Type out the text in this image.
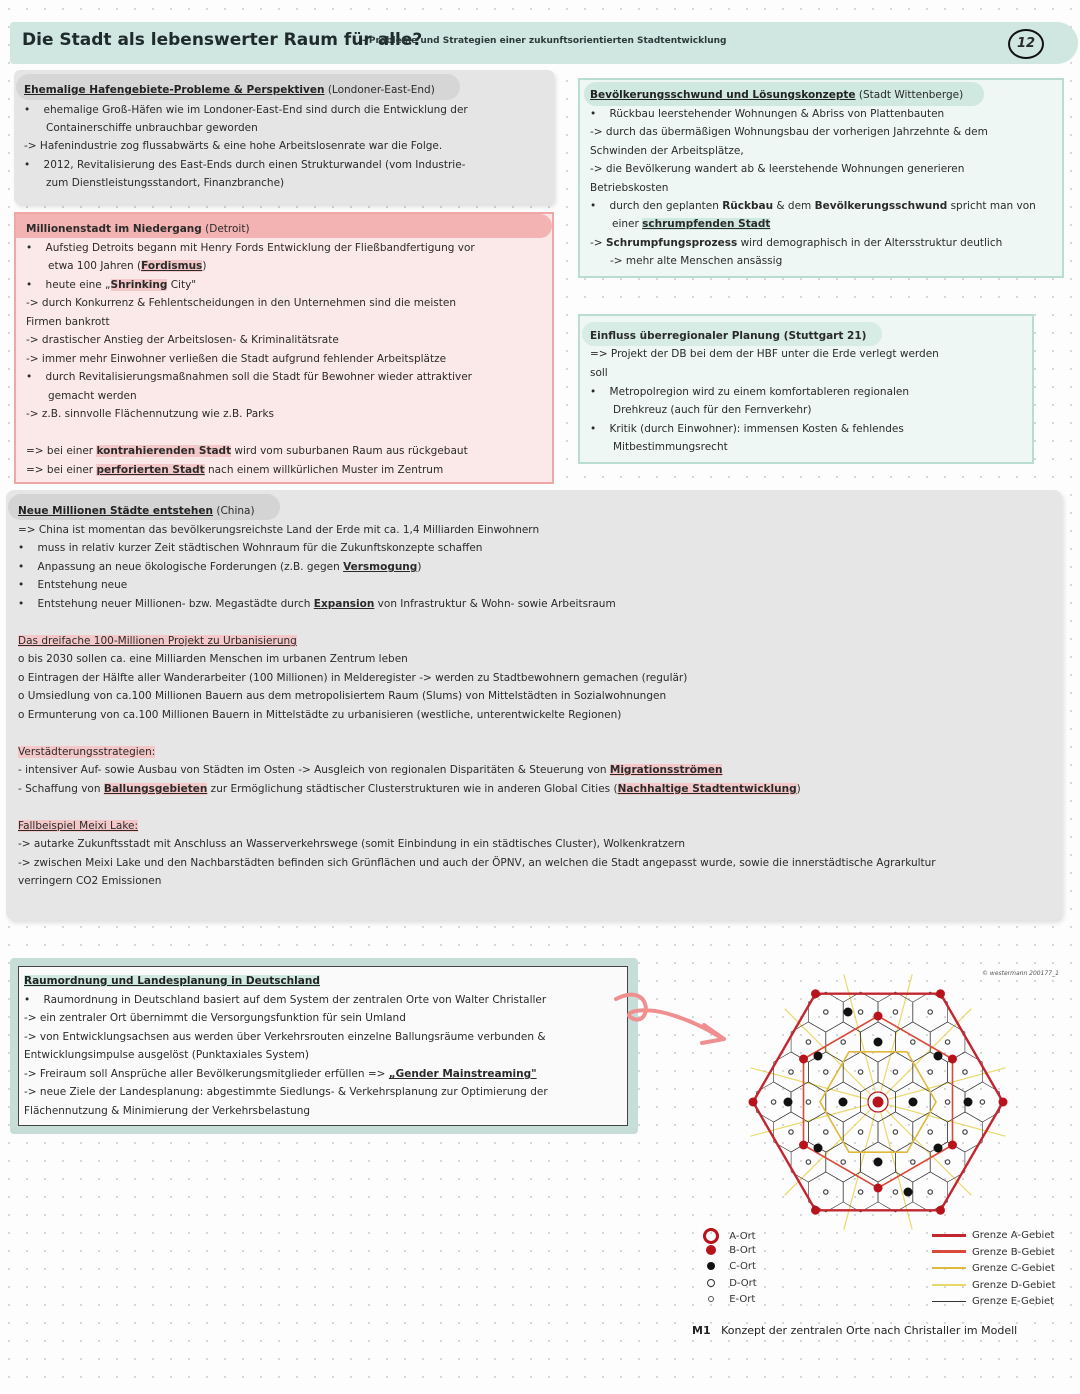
Die Stadt als lebenswerter Raum für alle?
- Probleme und Strategien einer zukunftsorientierten Stadtentwicklung	12
Ehemalige Hafengebiete-Probleme & Perspektiven (Londoner-East-End)
•    ehemalige Groß-Häfen wie im Londoner-East-End sind durch die Entwicklung der
Containerschiffe unbrauchbar geworden
-> Hafenindustrie zog flussabwärts & eine hohe Arbeitslosenrate war die Folge.
•    2012, Revitalisierung des East-Ends durch einen Strukturwandel (vom Industrie-
zum Dienstleistungsstandort, Finanzbranche)
Millionenstadt im Niedergang (Detroit)
•    Aufstieg Detroits begann mit Henry Fords Entwicklung der Fließbandfertigung vor
etwa 100 Jahren (Fordismus)
•    heute eine „Shrinking City"
-> durch Konkurrenz & Fehlentscheidungen in den Unternehmen sind die meisten
Firmen bankrott
-> drastischer Anstieg der Arbeitslosen- & Kriminalitätsrate
-> immer mehr Einwohner verließen die Stadt aufgrund fehlender Arbeitsplätze
•    durch Revitalisierungsmaßnahmen soll die Stadt für Bewohner wieder attraktiver
gemacht werden
-> z.B. sinnvolle Flächennutzung wie z.B. Parks
=> bei einer kontrahierenden Stadt wird vom suburbanen Raum aus rückgebaut
=> bei einer perforierten Stadt nach einem willkürlichen Muster im Zentrum
Bevölkerungsschwund und Lösungskonzepte (Stadt Wittenberge)
•    Rückbau leerstehender Wohnungen & Abriss von Plattenbauten
-> durch das übermäßigen Wohnungsbau der vorherigen Jahrzehnte & dem
Schwinden der Arbeitsplätze,
-> die Bevölkerung wandert ab & leerstehende Wohnungen generieren
Betriebskosten
•    durch den geplanten Rückbau & dem Bevölkerungsschwund spricht man von
einer schrumpfenden Stadt
-> Schrumpfungsprozess wird demographisch in der Altersstruktur deutlich
-> mehr alte Menschen ansässig
Einfluss überregionaler Planung (Stuttgart 21)
=> Projekt der DB bei dem der HBF unter die Erde verlegt werden
soll
•    Metropolregion wird zu einem komfortableren regionalen
Drehkreuz (auch für den Fernverkehr)
•    Kritik (durch Einwohner): immensen Kosten & fehlendes
Mitbestimmungsrecht
Neue Millionen Städte entstehen (China)
=> China ist momentan das bevölkerungsreichste Land der Erde mit ca. 1,4 Milliarden Einwohnern
•    muss in relativ kurzer Zeit städtischen Wohnraum für die Zukunftskonzepte schaffen
•    Anpassung an neue ökologische Forderungen (z.B. gegen Versmogung)
•    Entstehung neue
•    Entstehung neuer Millionen- bzw. Megastädte durch Expansion von Infrastruktur & Wohn- sowie Arbeitsraum
Das dreifache 100-Millionen Projekt zu Urbanisierung
o bis 2030 sollen ca. eine Milliarden Menschen im urbanen Zentrum leben
o Eintragen der Hälfte aller Wanderarbeiter (100 Millionen) in Melderegister -> werden zu Stadtbewohnern gemachen (regulär)
o Umsiedlung von ca.100 Millionen Bauern aus dem metropolisiertem Raum (Slums) von Mittelstädten in Sozialwohnungen
o Ermunterung von ca.100 Millionen Bauern in Mittelstädte zu urbanisieren (westliche, unterentwickelte Regionen)
Verstädterungsstrategien:
- intensiver Auf- sowie Ausbau von Städten im Osten -> Ausgleich von regionalen Disparitäten & Steuerung von Migrationsströmen
- Schaffung von Ballungsgebieten zur Ermöglichung städtischer Clusterstrukturen wie in anderen Global Cities (Nachhaltige Stadtentwicklung)
Fallbeispiel Meixi Lake:
-> autarke Zukunftsstadt mit Anschluss an Wasserverkehrswege (somit Einbindung in ein städtisches Cluster), Wolkenkratzern
-> zwischen Meixi Lake und den Nachbarstädten befinden sich Grünflächen und auch der ÖPNV, an welchen die Stadt angepasst wurde, sowie die innerstädtische Agrarkultur
verringern CO2 Emissionen
Raumordnung und Landesplanung in Deutschland
•    Raumordnung in Deutschland basiert auf dem System der zentralen Orte von Walter Christaller
-> ein zentraler Ort übernimmt die Versorgungsfunktion für sein Umland
-> von Entwicklungsachsen aus werden über Verkehrsrouten einzelne Ballungsräume verbunden &
Entwicklungsimpulse ausgelöst (Punktaxiales System)
-> Freiraum soll Ansprüche aller Bevölkerungsmitglieder erfüllen => „Gender Mainstreaming"
-> neue Ziele der Landesplanung: abgestimmte Siedlungs- & Verkehrsplanung zur Optimierung der
Flächennutzung & Minimierung der Verkehrsbelastung
© westermann 200177_1
A-Ort
B-Ort
C-Ort
D-Ort
E-Ort
Grenze A-Gebiet
Grenze B-Gebiet
Grenze C-Gebiet
Grenze D-Gebiet
Grenze E-Gebiet
M1 Konzept der zentralen Orte nach Christaller im Modell
